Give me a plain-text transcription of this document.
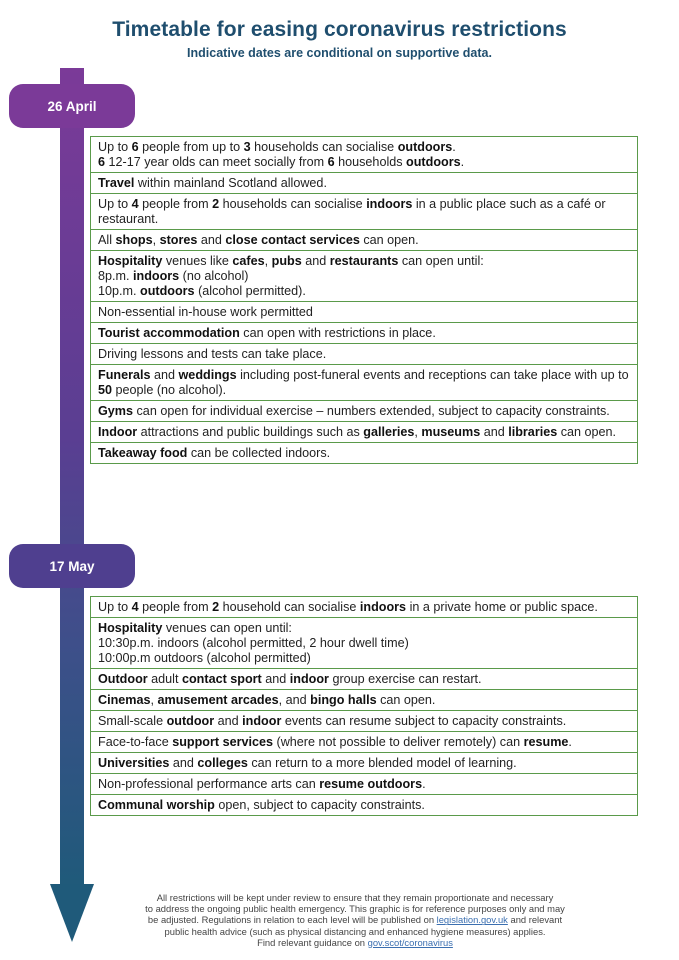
Timetable for easing coronavirus restrictions
Indicative dates are conditional on supportive data.
26 April
17 May
Up to 6 people from up to 3 households can socialise outdoors.
6 12-17 year olds can meet socially from 6 households outdoors.
Travel within mainland Scotland allowed.
Up to 4 people from 2 households can socialise indoors in a public place such as a café or restaurant.
All shops, stores and close contact services can open.
Hospitality venues like cafes, pubs and restaurants can open until:
8p.m. indoors (no alcohol)
10p.m. outdoors (alcohol permitted).
Non-essential in-house work permitted
Tourist accommodation can open with restrictions in place.
Driving lessons and tests can take place.
Funerals and weddings including post-funeral events and receptions can take place with up to 50 people (no alcohol).
Gyms can open for individual exercise – numbers extended, subject to capacity constraints.
Indoor attractions and public buildings such as galleries, museums and libraries can open.
Takeaway food can be collected indoors.
Up to 4 people from 2 household can socialise indoors in a private home or public space.
Hospitality venues can open until:
10:30p.m. indoors (alcohol permitted, 2 hour dwell time)
10:00p.m outdoors (alcohol permitted)
Outdoor adult contact sport and indoor group exercise can restart.
Cinemas, amusement arcades, and bingo halls can open.
Small-scale outdoor and indoor events can resume subject to capacity constraints.
Face-to-face support services (where not possible to deliver remotely) can resume.
Universities and colleges can return to a more blended model of learning.
Non-professional performance arts can resume outdoors.
Communal worship open, subject to capacity constraints.
All restrictions will be kept under review to ensure that they remain proportionate and necessary
to address the ongoing public health emergency. This graphic is for reference purposes only and may
be adjusted. Regulations in relation to each level will be published on legislation.gov.uk and relevant
public health advice (such as physical distancing and enhanced hygiene measures) applies.
Find relevant guidance on gov.scot/coronavirus
